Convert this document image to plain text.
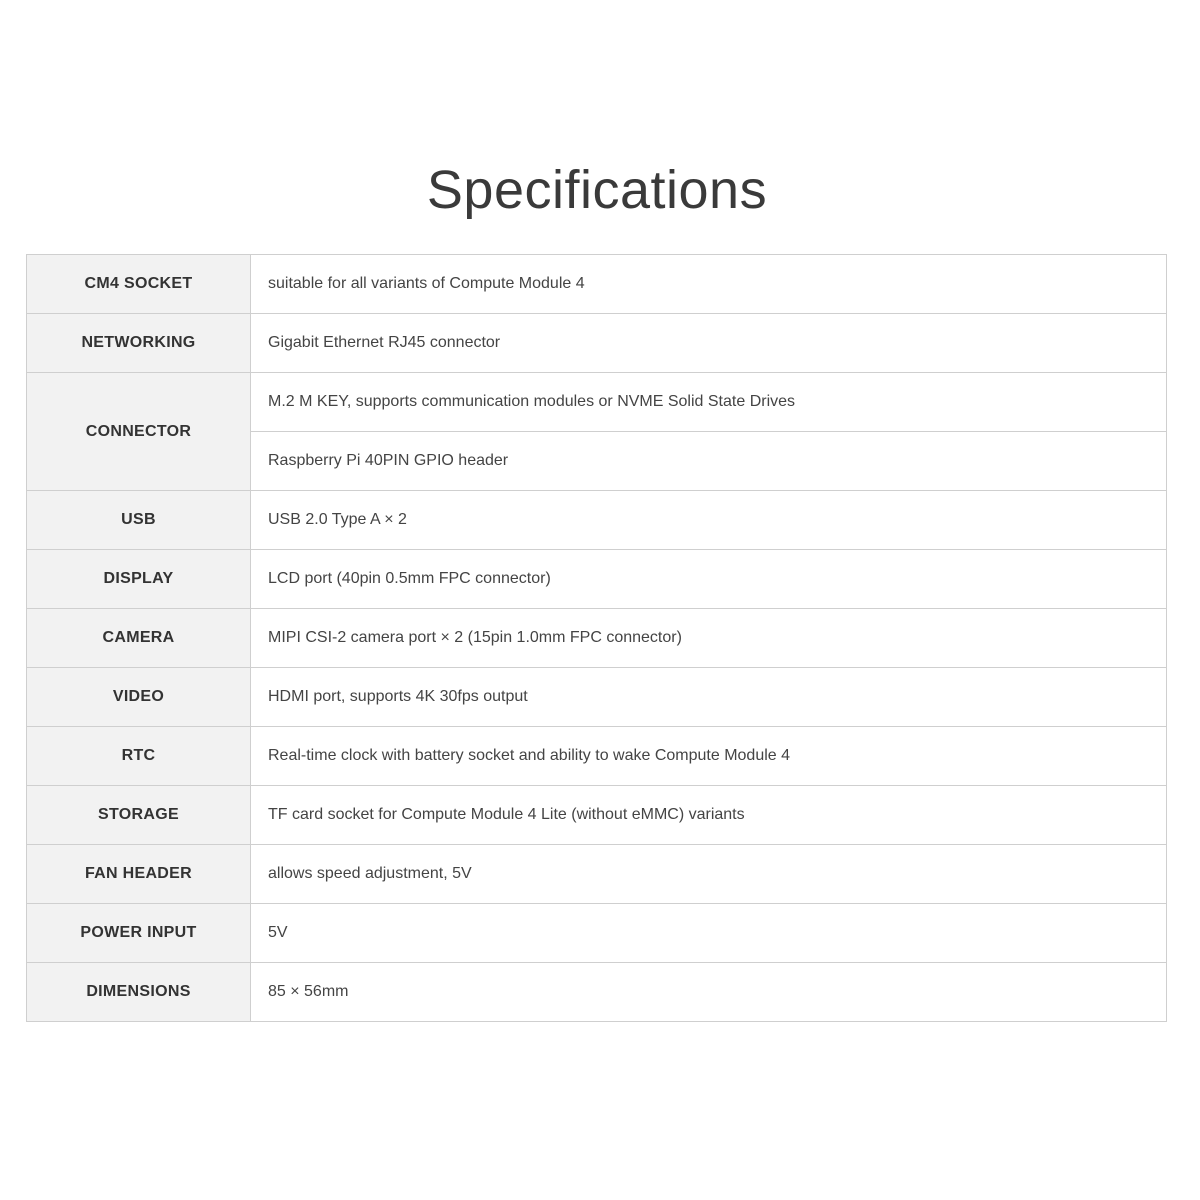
Specifications
CM4 SOCKET	suitable for all variants of Compute Module 4
NETWORKING	Gigabit Ethernet RJ45 connector
CONNECTOR	M.2 M KEY, supports communication modules or NVME Solid State Drives
	Raspberry Pi 40PIN GPIO header
USB	USB 2.0 Type A × 2
DISPLAY	LCD port (40pin 0.5mm FPC connector)
CAMERA	MIPI CSI-2 camera port × 2 (15pin 1.0mm FPC connector)
VIDEO	HDMI port, supports 4K 30fps output
RTC	Real-time clock with battery socket and ability to wake Compute Module 4
STORAGE	TF card socket for Compute Module 4 Lite (without eMMC) variants
FAN HEADER	allows speed adjustment, 5V
POWER INPUT	5V
DIMENSIONS	85 × 56mm
